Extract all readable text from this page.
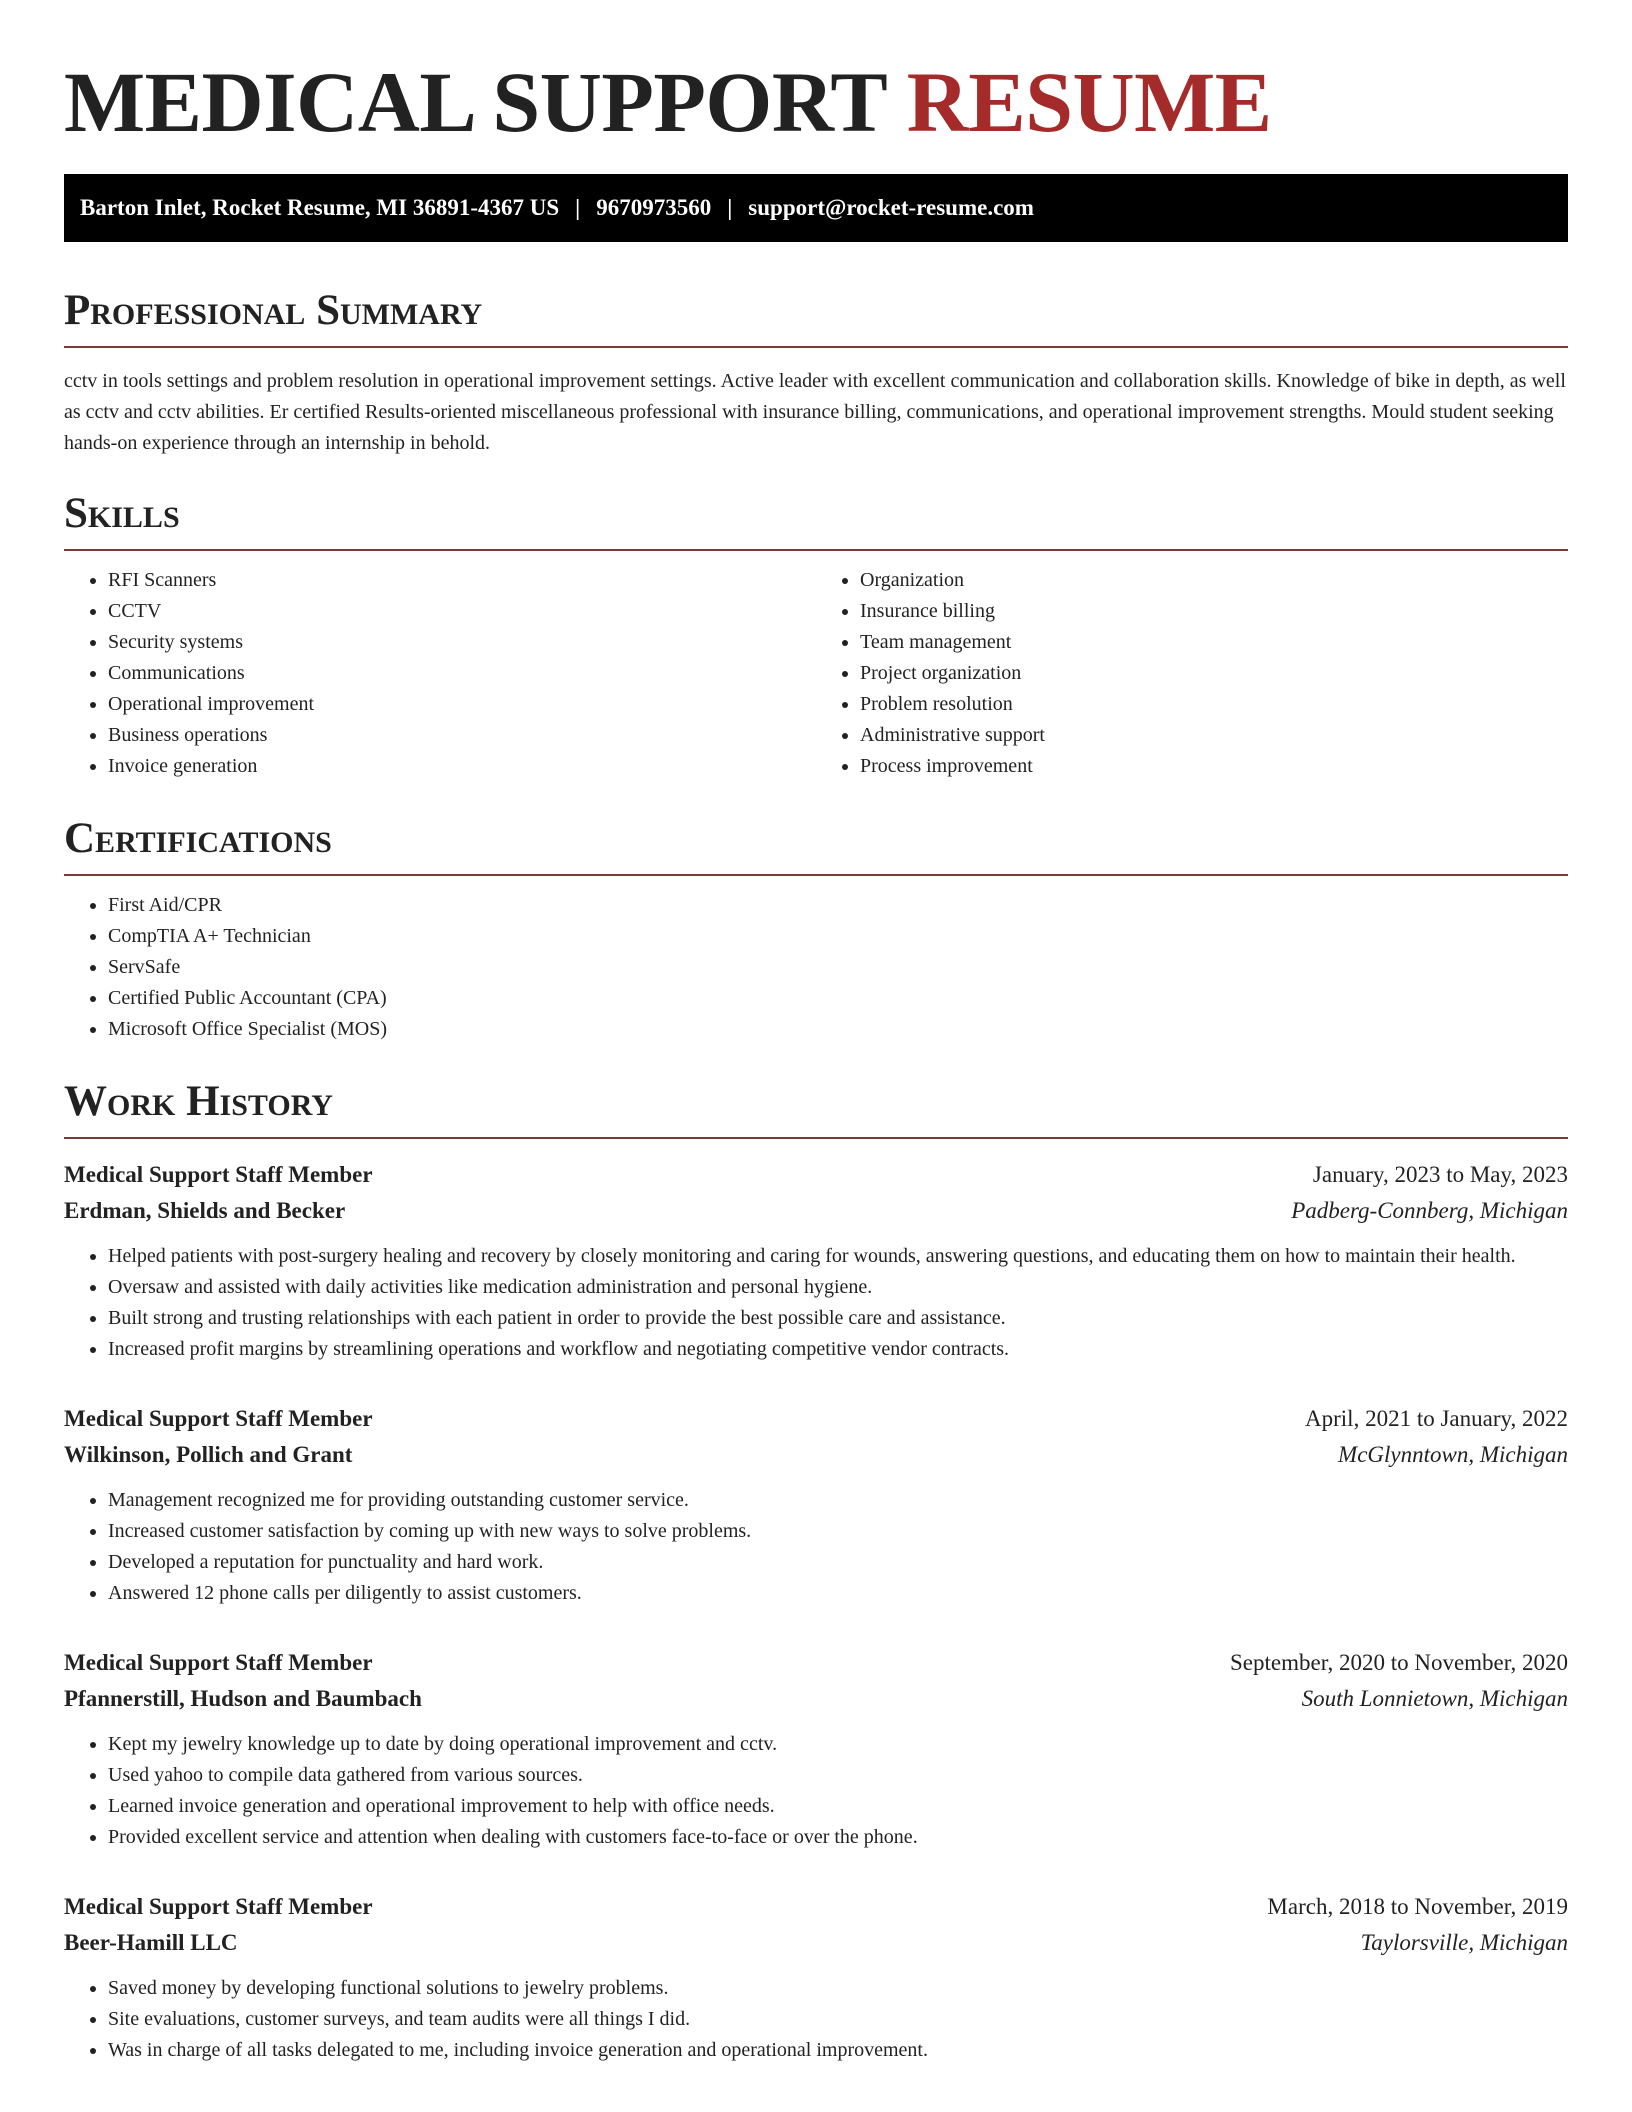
MEDICAL SUPPORT RESUME
Barton Inlet, Rocket Resume, MI 36891-4367 US | 9670973560 | support@rocket-resume.com
Professional Summary

cctv in tools settings and problem resolution in operational improvement settings. Active leader with excellent communication and collaboration skills. Knowledge of bike in depth, as well as cctv and cctv abilities. Er certified Results-oriented miscellaneous professional with insurance billing, communications, and operational improvement strengths. Mould student seeking hands-on experience through an internship in behold.

Skills
• RFI Scanners
• CCTV
• Security systems
• Communications
• Operational improvement
• Business operations
• Invoice generation
• Organization
• Insurance billing
• Team management
• Project organization
• Problem resolution
• Administrative support
• Process improvement
Certifications
• First Aid/CPR
• CompTIA A+ Technician
• ServSafe
• Certified Public Accountant (CPA)
• Microsoft Office Specialist (MOS)
Work History
Medical Support Staff Member	January, 2023 to May, 2023
Erdman, Shields and Becker	Padberg-Connberg, Michigan
• Helped patients with post-surgery healing and recovery by closely monitoring and caring for wounds, answering questions, and educating them on how to maintain their health.
• Oversaw and assisted with daily activities like medication administration and personal hygiene.
• Built strong and trusting relationships with each patient in order to provide the best possible care and assistance.
• Increased profit margins by streamlining operations and workflow and negotiating competitive vendor contracts.
Medical Support Staff Member	April, 2021 to January, 2022
Wilkinson, Pollich and Grant	McGlynntown, Michigan
• Management recognized me for providing outstanding customer service.
• Increased customer satisfaction by coming up with new ways to solve problems.
• Developed a reputation for punctuality and hard work.
• Answered 12 phone calls per diligently to assist customers.
Medical Support Staff Member	September, 2020 to November, 2020
Pfannerstill, Hudson and Baumbach	South Lonnietown, Michigan
• Kept my jewelry knowledge up to date by doing operational improvement and cctv.
• Used yahoo to compile data gathered from various sources.
• Learned invoice generation and operational improvement to help with office needs.
• Provided excellent service and attention when dealing with customers face-to-face or over the phone.
Medical Support Staff Member	March, 2018 to November, 2019
Beer-Hamill LLC	Taylorsville, Michigan
• Saved money by developing functional solutions to jewelry problems.
• Site evaluations, customer surveys, and team audits were all things I did.
• Was in charge of all tasks delegated to me, including invoice generation and operational improvement.
